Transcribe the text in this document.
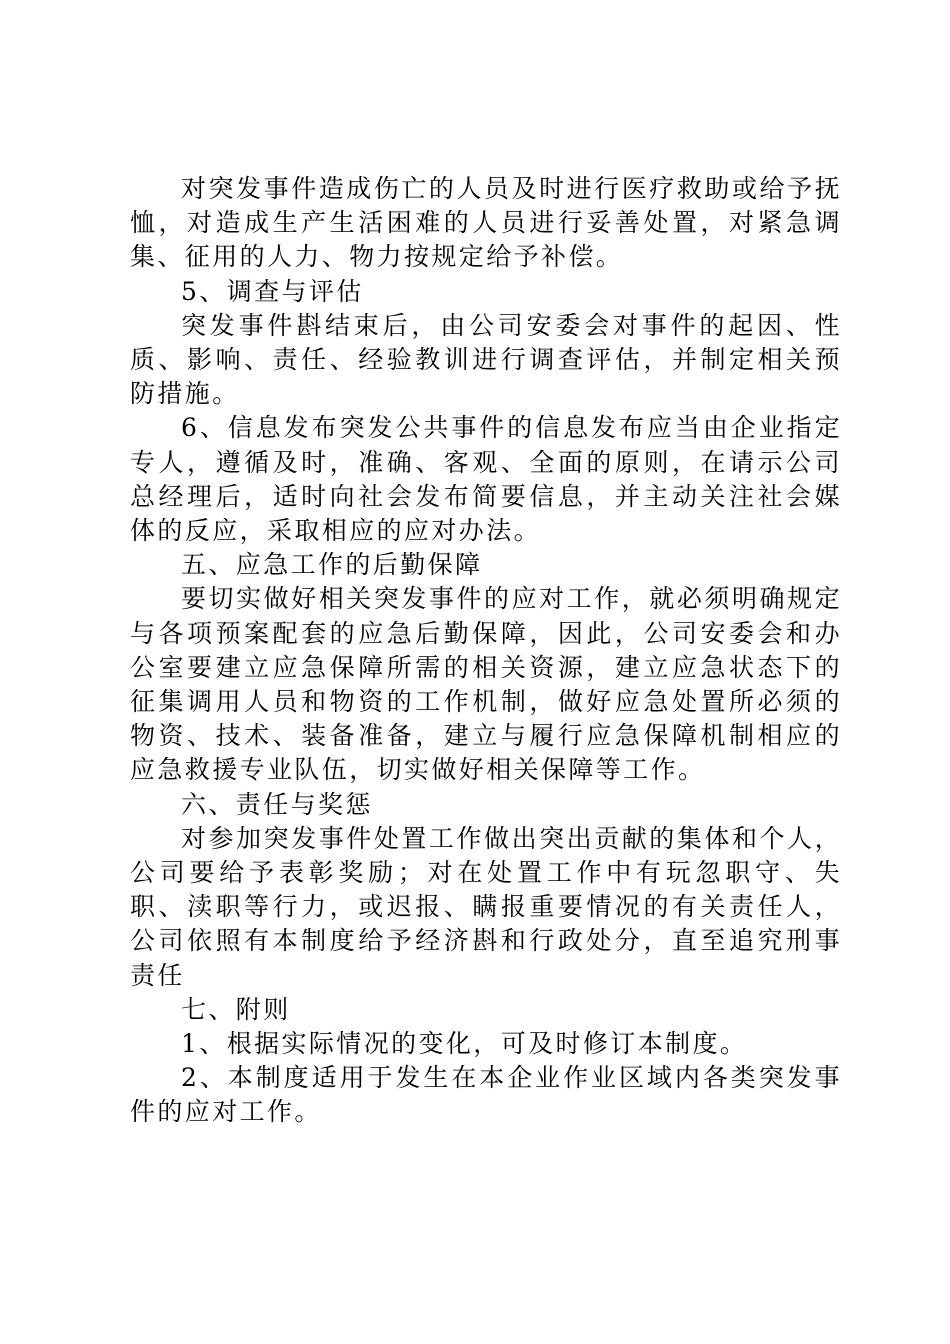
对突发事件造成伤亡的人员及时进行医疗救助或给予抚恤，对造成生产生活困难的人员进行妥善处置，对紧急调集、征用的人力、物力按规定给予补偿。

5、调查与评估

突发事件斟结束后，由公司安委会对事件的起因、性质、影响、责任、经验教训进行调查评估，并制定相关预防措施。

6、信息发布突发公共事件的信息发布应当由企业指定专人，遵循及时，准确、客观、全面的原则，在请示公司总经理后，适时向社会发布简要信息，并主动关注社会媒体的反应，采取相应的应对办法。

五、应急工作的后勤保障

要切实做好相关突发事件的应对工作，就必须明确规定与各项预案配套的应急后勤保障，因此，公司安委会和办公室要建立应急保障所需的相关资源，建立应急状态下的征集调用人员和物资的工作机制，做好应急处置所必须的物资、技术、装备准备，建立与履行应急保障机制相应的应急救援专业队伍，切实做好相关保障等工作。

六、责任与奖惩

对参加突发事件处置工作做出突出贡献的集体和个人，公司要给予表彰奖励；对在处置工作中有玩忽职守、失职、渎职等行力，或迟报、瞒报重要情况的有关责任人，公司依照有本制度给予经济斟和行政处分，直至追究刑事责任

七、附则

1、根据实际情况的变化，可及时修订本制度。

2、本制度适用于发生在本企业作业区域内各类突发事件的应对工作。
